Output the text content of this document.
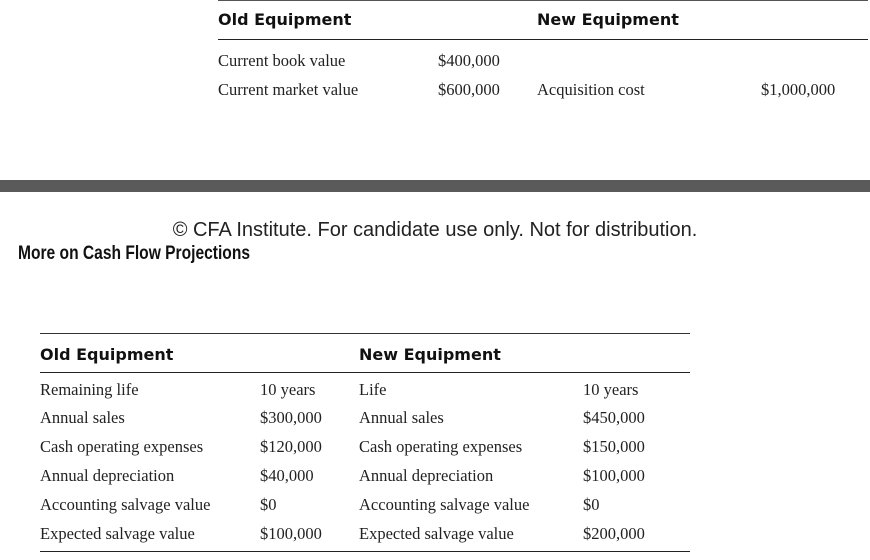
Old Equipment	New Equipment
Current book value	$400,000
Current market value	$600,000 Acquisition cost	$1,000,000
© CFA Institute. For candidate use only. Not for distribution.
More on Cash Flow Projections
Old Equipment	New Equipment
Remaining life	10 years	Life	10 years
Annual sales	$300,000 Annual sales	$450,000
Cash operating expenses	$120,000 Cash operating expenses	$150,000
Annual depreciation	$40,000	Annual depreciation	$100,000
Accounting salvage value	$0	Accounting salvage value	$0
Expected salvage value	$100,000 Expected salvage value	$200,000
